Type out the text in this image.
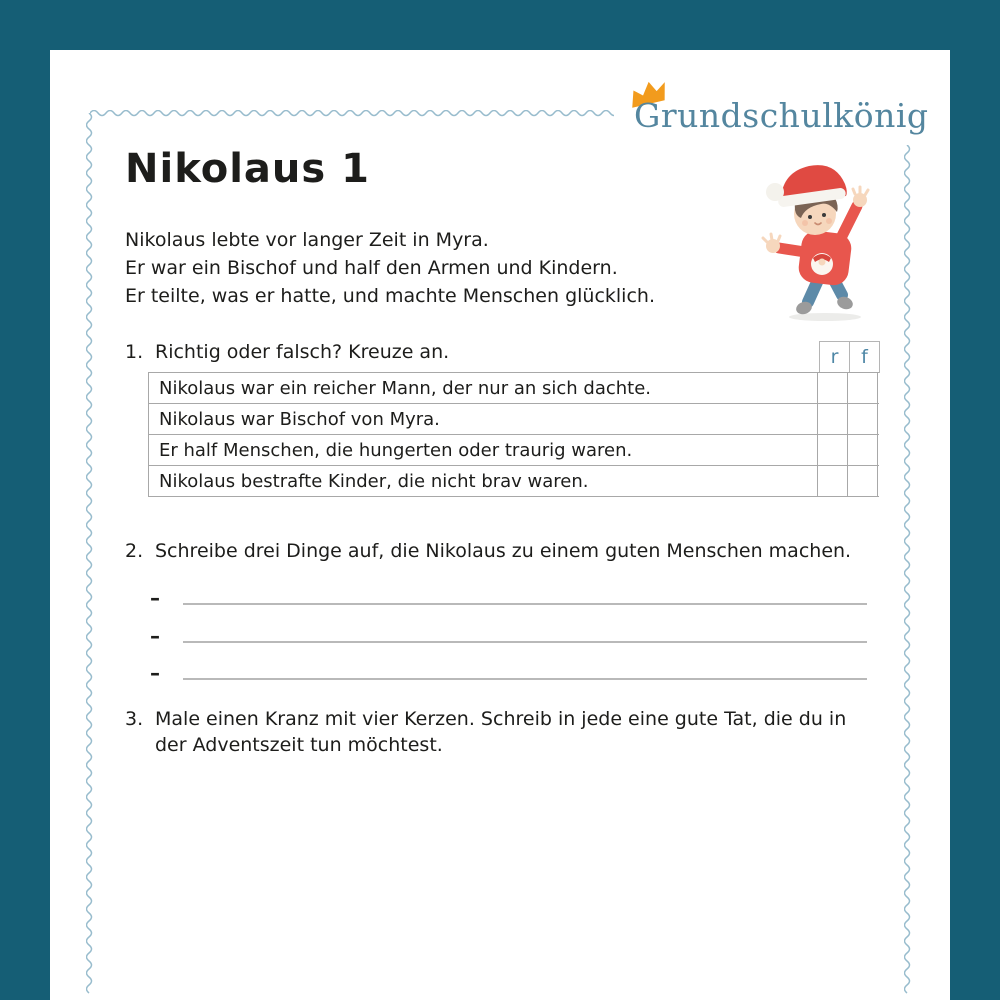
Grundschulkönig
Nikolaus 1
Nikolaus lebte vor langer Zeit in Myra.
Er war ein Bischof und half den Armen und Kindern.
Er teilte, was er hatte, und machte Menschen glücklich.
1. Richtig oder falsch? Kreuze an.	r	f
Nikolaus war ein reicher Mann, der nur an sich dachte.
Nikolaus war Bischof von Myra.
Er half Menschen, die hungerten oder traurig waren.
Nikolaus bestrafte Kinder, die nicht brav waren.
2. Schreibe drei Dinge auf, die Nikolaus zu einem guten Menschen machen.
–
–
–
3. Male einen Kranz mit vier Kerzen. Schreib in jede eine gute Tat, die du in der Adventszeit tun möchtest.
